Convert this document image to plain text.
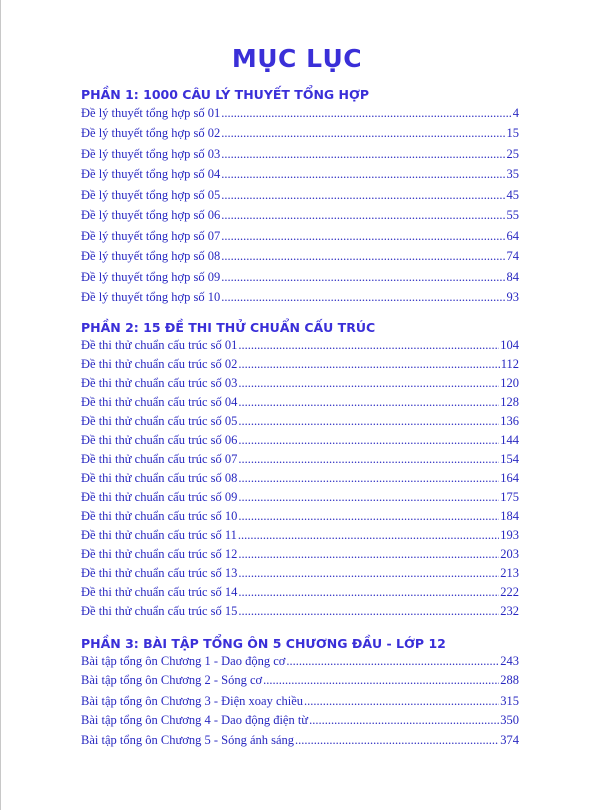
MỤC LỤC
PHẦN 1: 1000 CÂU LÝ THUYẾT TỔNG HỢP
Đề lý thuyết tổng hợp số 01 .....	4
Đề lý thuyết tổng hợp số 02 .....	15
Đề lý thuyết tổng hợp số 03 .....	25
Đề lý thuyết tổng hợp số 04 .....	35
Đề lý thuyết tổng hợp số 05 .....	45
Đề lý thuyết tổng hợp số 06 .....	55
Đề lý thuyết tổng hợp số 07 .....	64
Đề lý thuyết tổng hợp số 08 .....	74
Đề lý thuyết tổng hợp số 09 .....	84
Đề lý thuyết tổng hợp số 10 .....	93
PHẦN 2: 15 ĐỀ THI THỬ CHUẨN CẤU TRÚC
Đề thi thử chuẩn cấu trúc số 01 .....	104
Đề thi thử chuẩn cấu trúc số 02 .....	112
Đề thi thử chuẩn cấu trúc số 03 .....	120
Đề thi thử chuẩn cấu trúc số 04 .....	128
Đề thi thử chuẩn cấu trúc số 05 .....	136
Đề thi thử chuẩn cấu trúc số 06 .....	144
Đề thi thử chuẩn cấu trúc số 07 .....	154
Đề thi thử chuẩn cấu trúc số 08 .....	164
Đề thi thử chuẩn cấu trúc số 09 .....	175
Đề thi thử chuẩn cấu trúc số 10 .....	184
Đề thi thử chuẩn cấu trúc số 11 .....	193
Đề thi thử chuẩn cấu trúc số 12 .....	203
Đề thi thử chuẩn cấu trúc số 13 .....	213
Đề thi thử chuẩn cấu trúc số 14 .....	222
Đề thi thử chuẩn cấu trúc số 15 .....	232
PHẦN 3: BÀI TẬP TỔNG ÔN 5 CHƯƠNG ĐẦU - LỚP 12
Bài tập tổng ôn Chương 1 - Dao động cơ .....	243
Bài tập tổng ôn Chương 2 - Sóng cơ .....	288
Bài tập tổng ôn Chương 3 - Điện xoay chiều .....	315
Bài tập tổng ôn Chương 4 - Dao động điện từ .....	350
Bài tập tổng ôn Chương 5 - Sóng ánh sáng .....	374
